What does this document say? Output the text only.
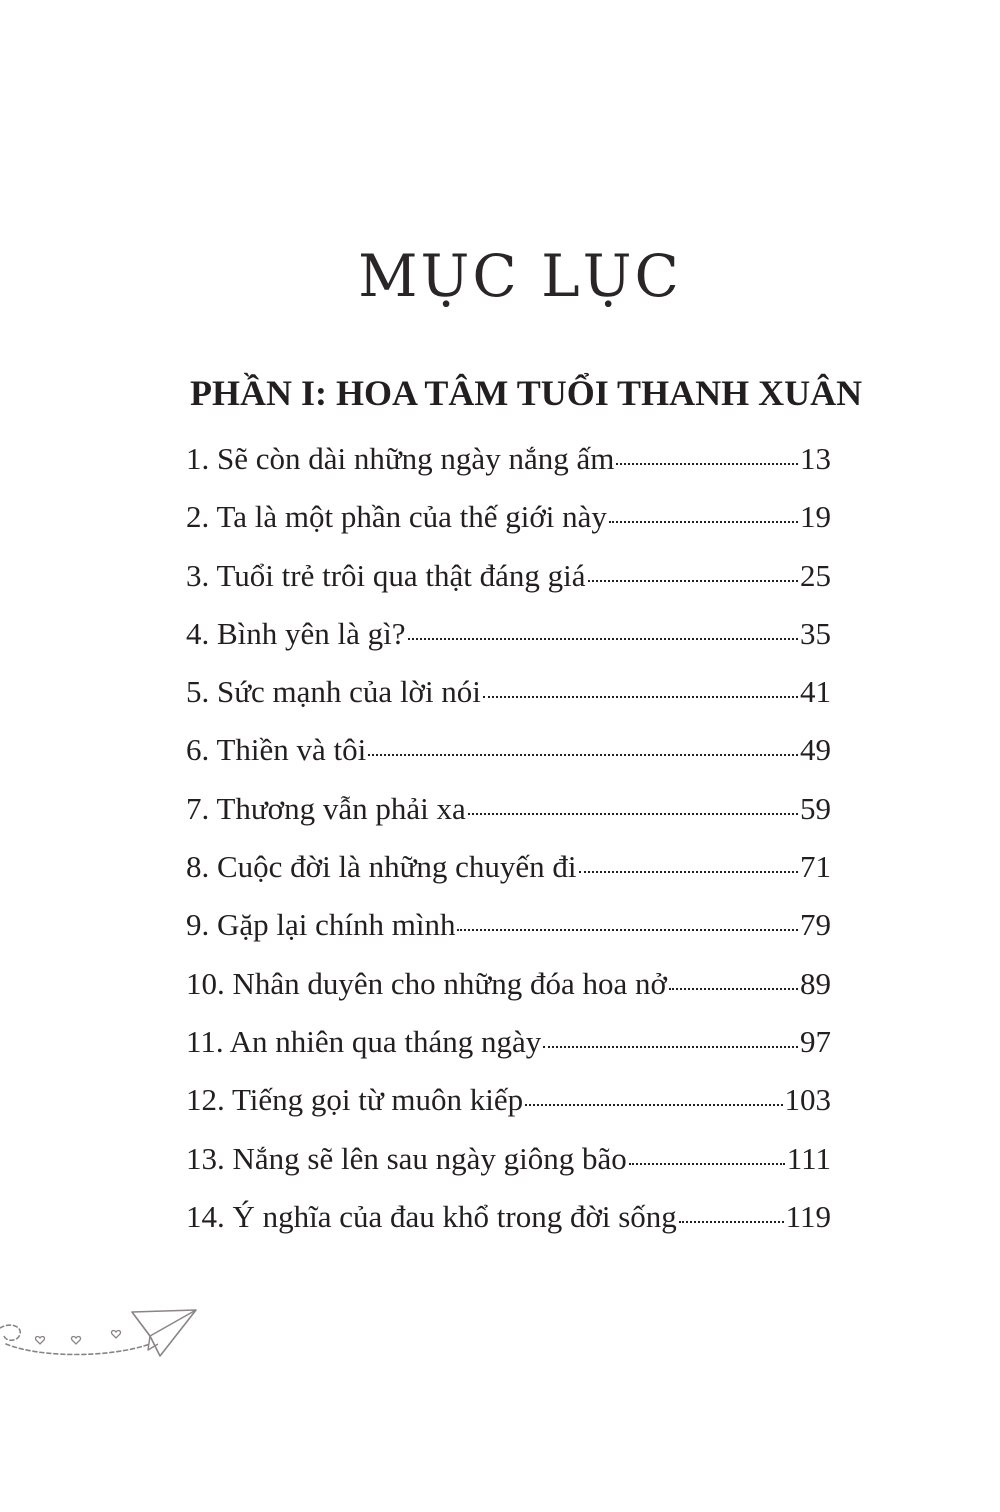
MỤC LỤC
PHẦN I: HOA TÂM TUỔI THANH XUÂN
1. Sẽ còn dài những ngày nắng ấm	13
2. Ta là một phần của thế giới này	19
3. Tuổi trẻ trôi qua thật đáng giá	25
4. Bình yên là gì?	35
5. Sức mạnh của lời nói	41
6. Thiền và tôi	49
7. Thương vẫn phải xa	59
8. Cuộc đời là những chuyến đi	71
9. Gặp lại chính mình	79
10. Nhân duyên cho những đóa hoa nở	89
11. An nhiên qua tháng ngày	97
12. Tiếng gọi từ muôn kiếp	103
13. Nắng sẽ lên sau ngày giông bão	111
14. Ý nghĩa của đau khổ trong đời sống	119
